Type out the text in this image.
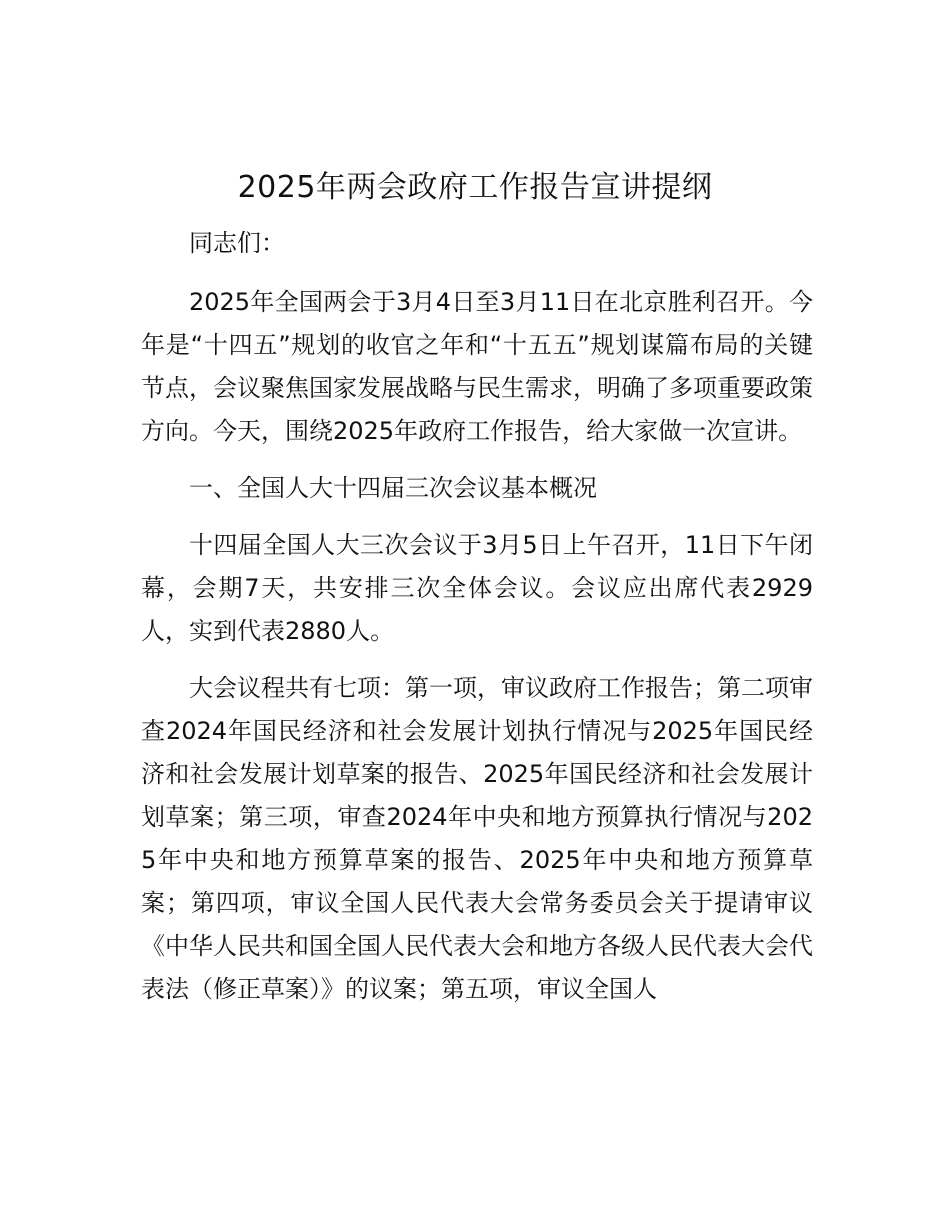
2025年两会政府工作报告宣讲提纲

同志们：

2025年全国两会于3月4日至3月11日在北京胜利召开。今年是“十四五”规划的收官之年和“十五五”规划谋篇布局的关键节点，会议聚焦国家发展战略与民生需求，明确了多项重要政策方向。今天，围绕2025年政府工作报告，给大家做一次宣讲。

一、全国人大十四届三次会议基本概况

十四届全国人大三次会议于3月5日上午召开，11日下午闭幕，会期7天，共安排三次全体会议。会议应出席代表2929人，实到代表2880人。

大会议程共有七项：第一项，审议政府工作报告；第二项审查2024年国民经济和社会发展计划执行情况与2025年国民经济和社会发展计划草案的报告、2025年国民经济和社会发展计划草案；第三项，审查2024年中央和地方预算执行情况与2025年中央和地方预算草案的报告、2025年中央和地方预算草案；第四项，审议全国人民代表大会常务委员会关于提请审议《中华人民共和国全国人民代表大会和地方各级人民代表大会代表法（修正草案）》的议案；第五项，审议全国人
